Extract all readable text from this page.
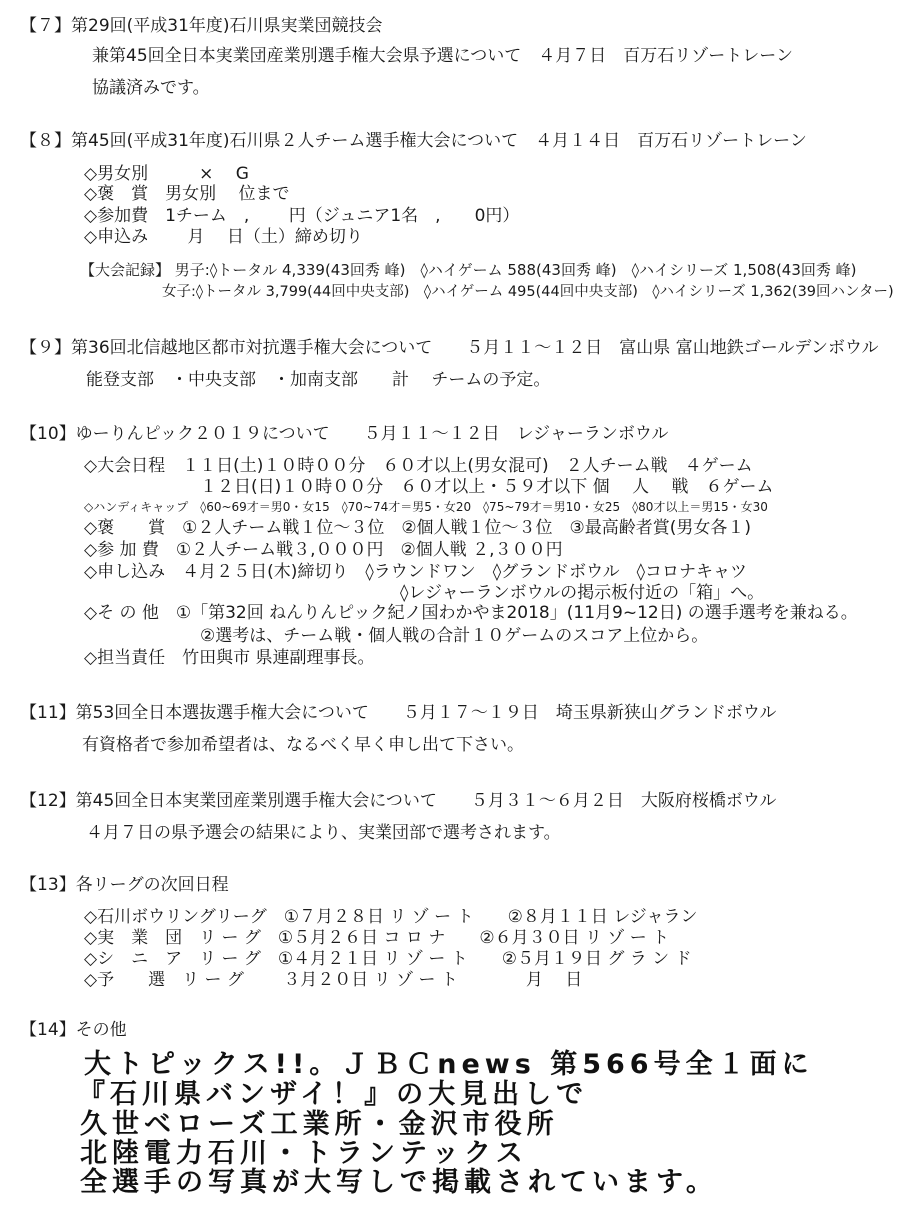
【７】第29回(平成31年度)石川県実業団競技会
兼第45回全日本実業団産業別選手権大会県予選について　４月７日　百万石リゾートレーン
協議済みです。
【８】第45回(平成31年度)石川県２人チーム選手権大会について　４月１４日　百万石リゾートレーン
◇男女別　　　×　 G
◇褒　賞　男女別　 位まで
◇参加費　1チーム　,　　 円（ジュニア1名　,　　0円）
◇申込み　　 月　 日（土）締め切り
【大会記録】 男子:◊トータル 4,339(43回秀 峰)　◊ハイゲーム 588(43回秀 峰)　◊ハイシリーズ 1,508(43回秀 峰)
女子:◊トータル 3,799(44回中央支部)　◊ハイゲーム 495(44回中央支部)　◊ハイシリーズ 1,362(39回ハンター)
【９】第36回北信越地区都市対抗選手権大会について　　５月１１～１２日　富山県 富山地鉄ゴールデンボウル
能登支部　・中央支部　・加南支部　　計　 チームの予定。
【10】ゆーりんピック２０１９について　　５月１１～１２日　レジャーランボウル
◇大会日程　１１日(土)１０時００分　６０才以上(男女混可)　２人チーム戦　４ゲーム
１２日(日)１０時００分　６０才以上・５９才以下 個　 人　 戦　６ゲーム
◇ハンディキャップ　◊60~69才＝男0・女15　◊70~74才＝男5・女20　◊75~79才＝男10・女25　◊80才以上＝男15・女30
◇褒　　賞　①２人チーム戦１位～３位　②個人戦１位～３位　③最高齢者賞(男女各１)
◇参 加 費　①２人チーム戦３,０００円　②個人戦 ２,３００円
◇申し込み　４月２５日(木)締切り　◊ラウンドワン　◊グランドボウル　◊コロナキャツ
◊レジャーランボウルの掲示板付近の「箱」へ。
◇そ の 他　①「第32回 ねんりんピック紀ノ国わかやま2018」(11月9~12日) の選手選考を兼ねる。
②選考は、チーム戦・個人戦の合計１０ゲームのスコア上位から。
◇担当責任　竹田與市 県連副理事長。
【11】第53回全日本選抜選手権大会について　　５月１７～１９日　埼玉県新狭山グランドボウル
有資格者で参加希望者は、なるべく早く申し出て下さい。
【12】第45回全日本実業団産業別選手権大会について　　５月３１～６月２日　大阪府桜橋ボウル
４月７日の県予選会の結果により、実業団部で選考されます。
【13】各リーグの次回日程
◇石川ボウリングリーグ　①７月２８日 リ ゾ ー ト　　②８月１１日 レジャラン
◇実　業　団　リ ー グ　①５月２６日 コ ロ ナ　　②６月３０日 リ ゾ ー ト
◇シ　ニ　ア　リ ー グ　①４月２１日 リ ゾ ー ト　　②５月１９日 グ ラ ン ド
◇予　　選　リ ー グ　　 ３月２０日 リ ゾ ー ト　　　　月　 日
【14】その他
大トピックス!!。ＪＢＣnews 第566号全１面に
『石川県バンザイ！』の大見出しで
久世ベローズ工業所・金沢市役所
北陸電力石川・トランテックス
全選手の写真が大写しで掲載されています。
